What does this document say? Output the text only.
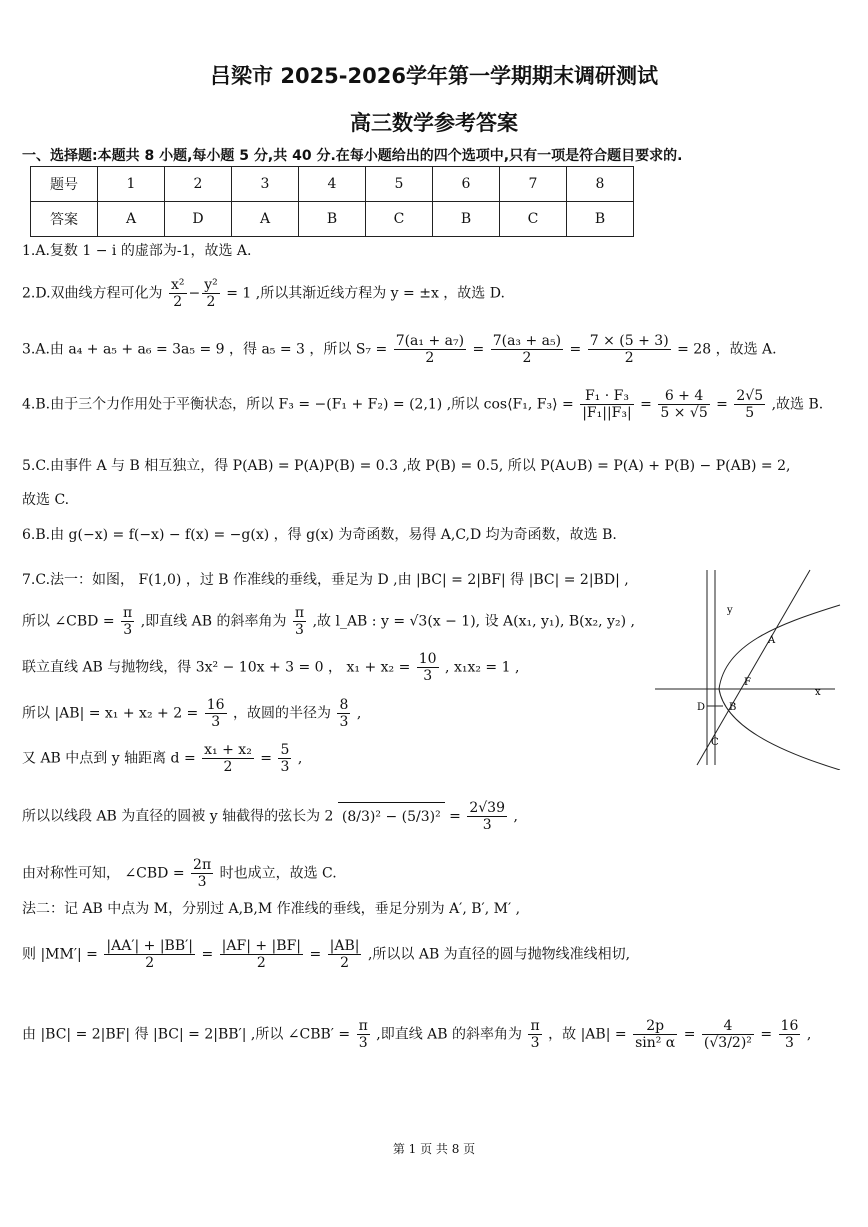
吕梁市 2025-2026学年第一学期期末调研测试
高三数学参考答案
一、选择题:本题共 8 小题,每小题 5 分,共 40 分.在每小题给出的四个选项中,只有一项是符合题目要求的.
题号	1	2	3	4	5	6	7	8
答案	A	D	A	B	C	B	C	B
1.A.复数 1 − i 的虚部为-1，故选 A.
2.D.双曲线方程可化为 $\frac{\text{x²}}{2} - \frac{\text{y²}}{2} = 1$ ,所以其渐近线方程为 y = ±x ，故选 D.
3.A.由 a₄ + a₅ + a₆ = 3a₅ = 9 ，得 a₅ = 3 ，所以 $S_7 = \frac{\text{7(a₁ + a₇)}}{2} = \frac{\text{7(a₃ + a₅)}}{2} = \frac{7 \times (5 + 3)}{2} = 28$ ，故选 A.
4.B.由于三个力作用处于平衡状态，所以 F₃ = −(F₁ + F₂) = (2,1) ,所以 cos⟨F₁, F₃⟩ = $\frac{\text{F₁ · F₃}}{\text{|F₁||F₃|}} = \frac{6 + 4}{5 \times √5} = \frac{2√5}{5}$ ,故选 B.
5.C.由事件 A 与 B 相互独立，得 P(AB) = P(A)P(B) = 0.3 ,故 P(B) = 0.5, 所以 P(A∪B) = P(A) + P(B) − P(AB) = 2,
故选 C.
6.B.由 g(−x) = f(−x) − f(x) = −g(x) ，得 g(x) 为奇函数，易得 A,C,D 均为奇函数，故选 B.
7.C.法一：如图， F(1,0) ，过 B 作准线的垂线，垂足为 D ,由 |BC| = 2|BF| 得 |BC| = 2|BD| ,
所以 ∠CBD = $\frac{\pi}{3}$ ,即直线 AB 的斜率角为 $\frac{\pi}{3}$ ,故 l_AB : y = √3(x − 1), 设 A(x₁, y₁), B(x₂, y₂) ,
联立直线 AB 与抛物线，得 3x² − 10x + 3 = 0 ， $x_1 + x_2 = \frac{10}{3}$ , x₁x₂ = 1 ,
所以 $|AB| = x_1 + x_2 + 2 = \frac{16}{3}$ ，故圆的半径为 $\frac{8}{3}$ ,
又 AB 中点到 y 轴距离 $d = \frac{\text{x₁ + x₂}}{2} = \frac{5}{3}$ ,
所以以线段 AB 为直径的圆被 y 轴截得的弦长为 2 $(8/3)^2 - (5/3)^2 = \frac{2√39}{3}$ ,
由对称性可知， ∠CBD = $\frac{2\pi}{3}$ 时也成立，故选 C.
法二：记 AB 中点为 M，分别过 A,B,M 作准线的垂线，垂足分别为 A′, B′, M′ ,
则 $|MM'| = \frac{|AA'| + |BB'|}{2} = \frac{|AF| + |BF|}{2} = \frac{|AB|}{2}$ ,所以以 AB 为直径的圆与抛物线准线相切,
由 |BC| = 2|BF| 得 |BC| = 2|BB′| ,所以 ∠CBB′ = $\frac{\pi}{3}$ ,即直线 AB 的斜率角为 $\frac{\pi}{3}$ ，故 $|AB| = \frac{2p}{\text{sin² α}} = \frac{4}{\text{(√3/2)²}} = \frac{16}{3}$ ,
y
x
A
F
D B
C
第 1 页 共 8 页
